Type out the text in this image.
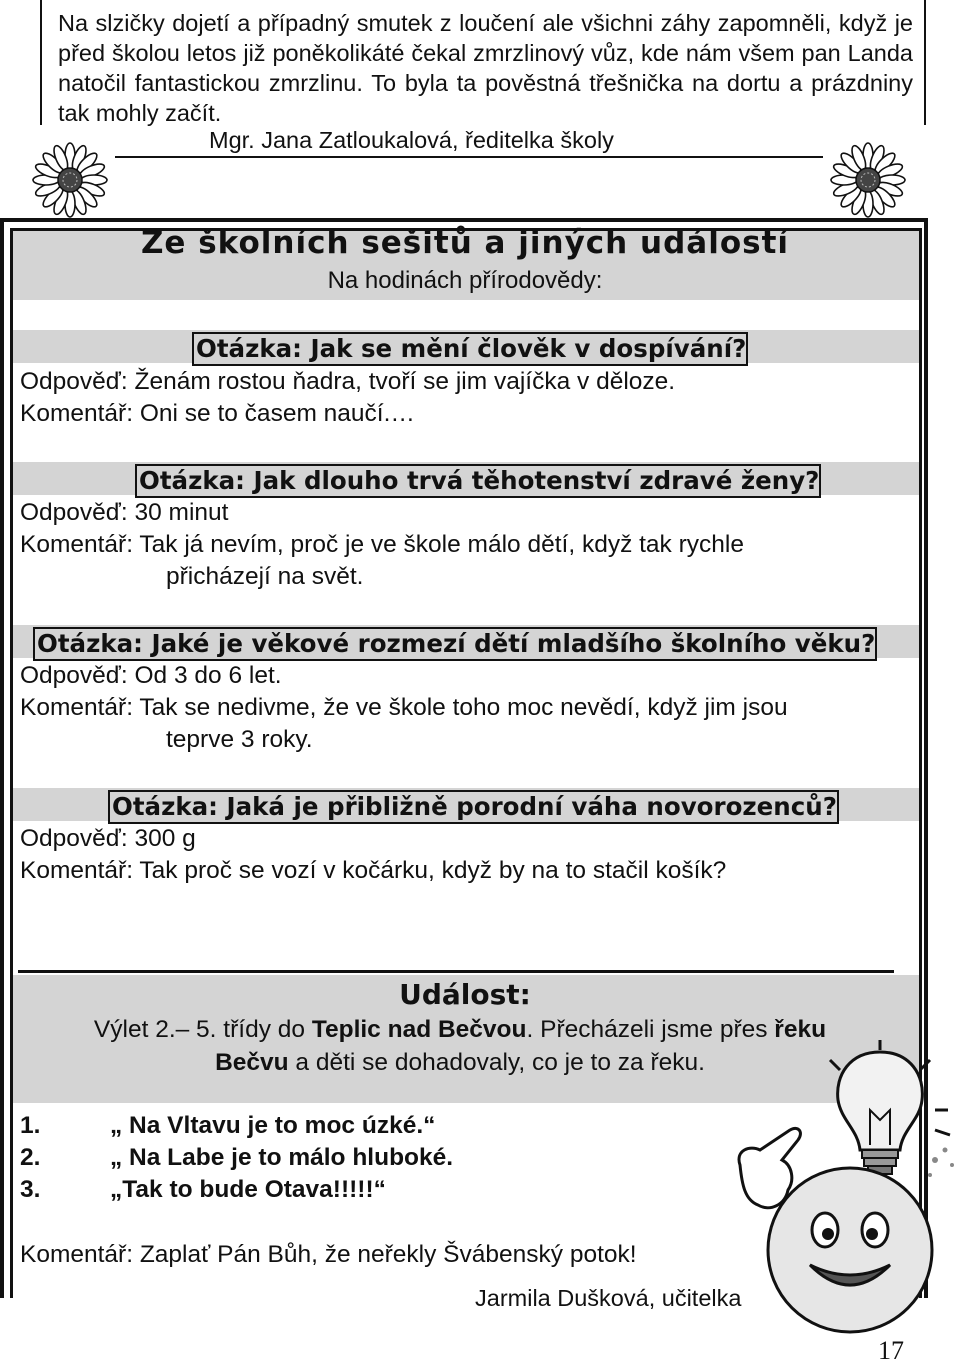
Na slzičky dojetí a případný smutek z loučení ale všichni záhy zapomněli, když je před školou letos již poněkolikáté čekal zmrzlinový vůz, kde nám všem pan Landa natočil fantastickou zmrzlinu. To byla ta pověstná třešnička na dortu a prázdniny tak mohly začít.

Mgr. Jana Zatloukalová, ředitelka školy
Ze školních sešitů a jiných událostí
Na hodinách přírodovědy:
Otázka: Jak se mění člověk v dospívání?
Odpověď: Ženám rostou ňadra, tvoří se jim vajíčka v děloze.
Komentář: Oni se to časem naučí.…
Otázka: Jak dlouho trvá těhotenství zdravé ženy?
Odpověď: 30 minut
Komentář: Tak já nevím, proč je ve škole málo dětí, když tak rychle
přicházejí na svět.
Otázka: Jaké je věkové rozmezí dětí mladšího školního věku?
Odpověď: Od 3 do 6 let.
Komentář: Tak se nedivme, že ve škole toho moc nevědí, když jim jsou
teprve 3 roky.
Otázka: Jaká je přibližně porodní váha novorozenců?
Odpověď: 300 g
Komentář: Tak proč se vozí v kočárku, když by na to stačil košík?
Událost:
Výlet 2.– 5. třídy do Teplic nad Bečvou. Přecházeli jsme přes řeku
Bečvu a děti se dohadovaly, co je to za řeku.
1.	„ Na Vltavu je to moc úzké.“
2.	„ Na Labe je to málo hluboké.
3.	„Tak to bude Otava!!!!!“
Komentář: Zaplať Pán Bůh, že neřekly Švábenský potok!
Jarmila Dušková, učitelka
17
